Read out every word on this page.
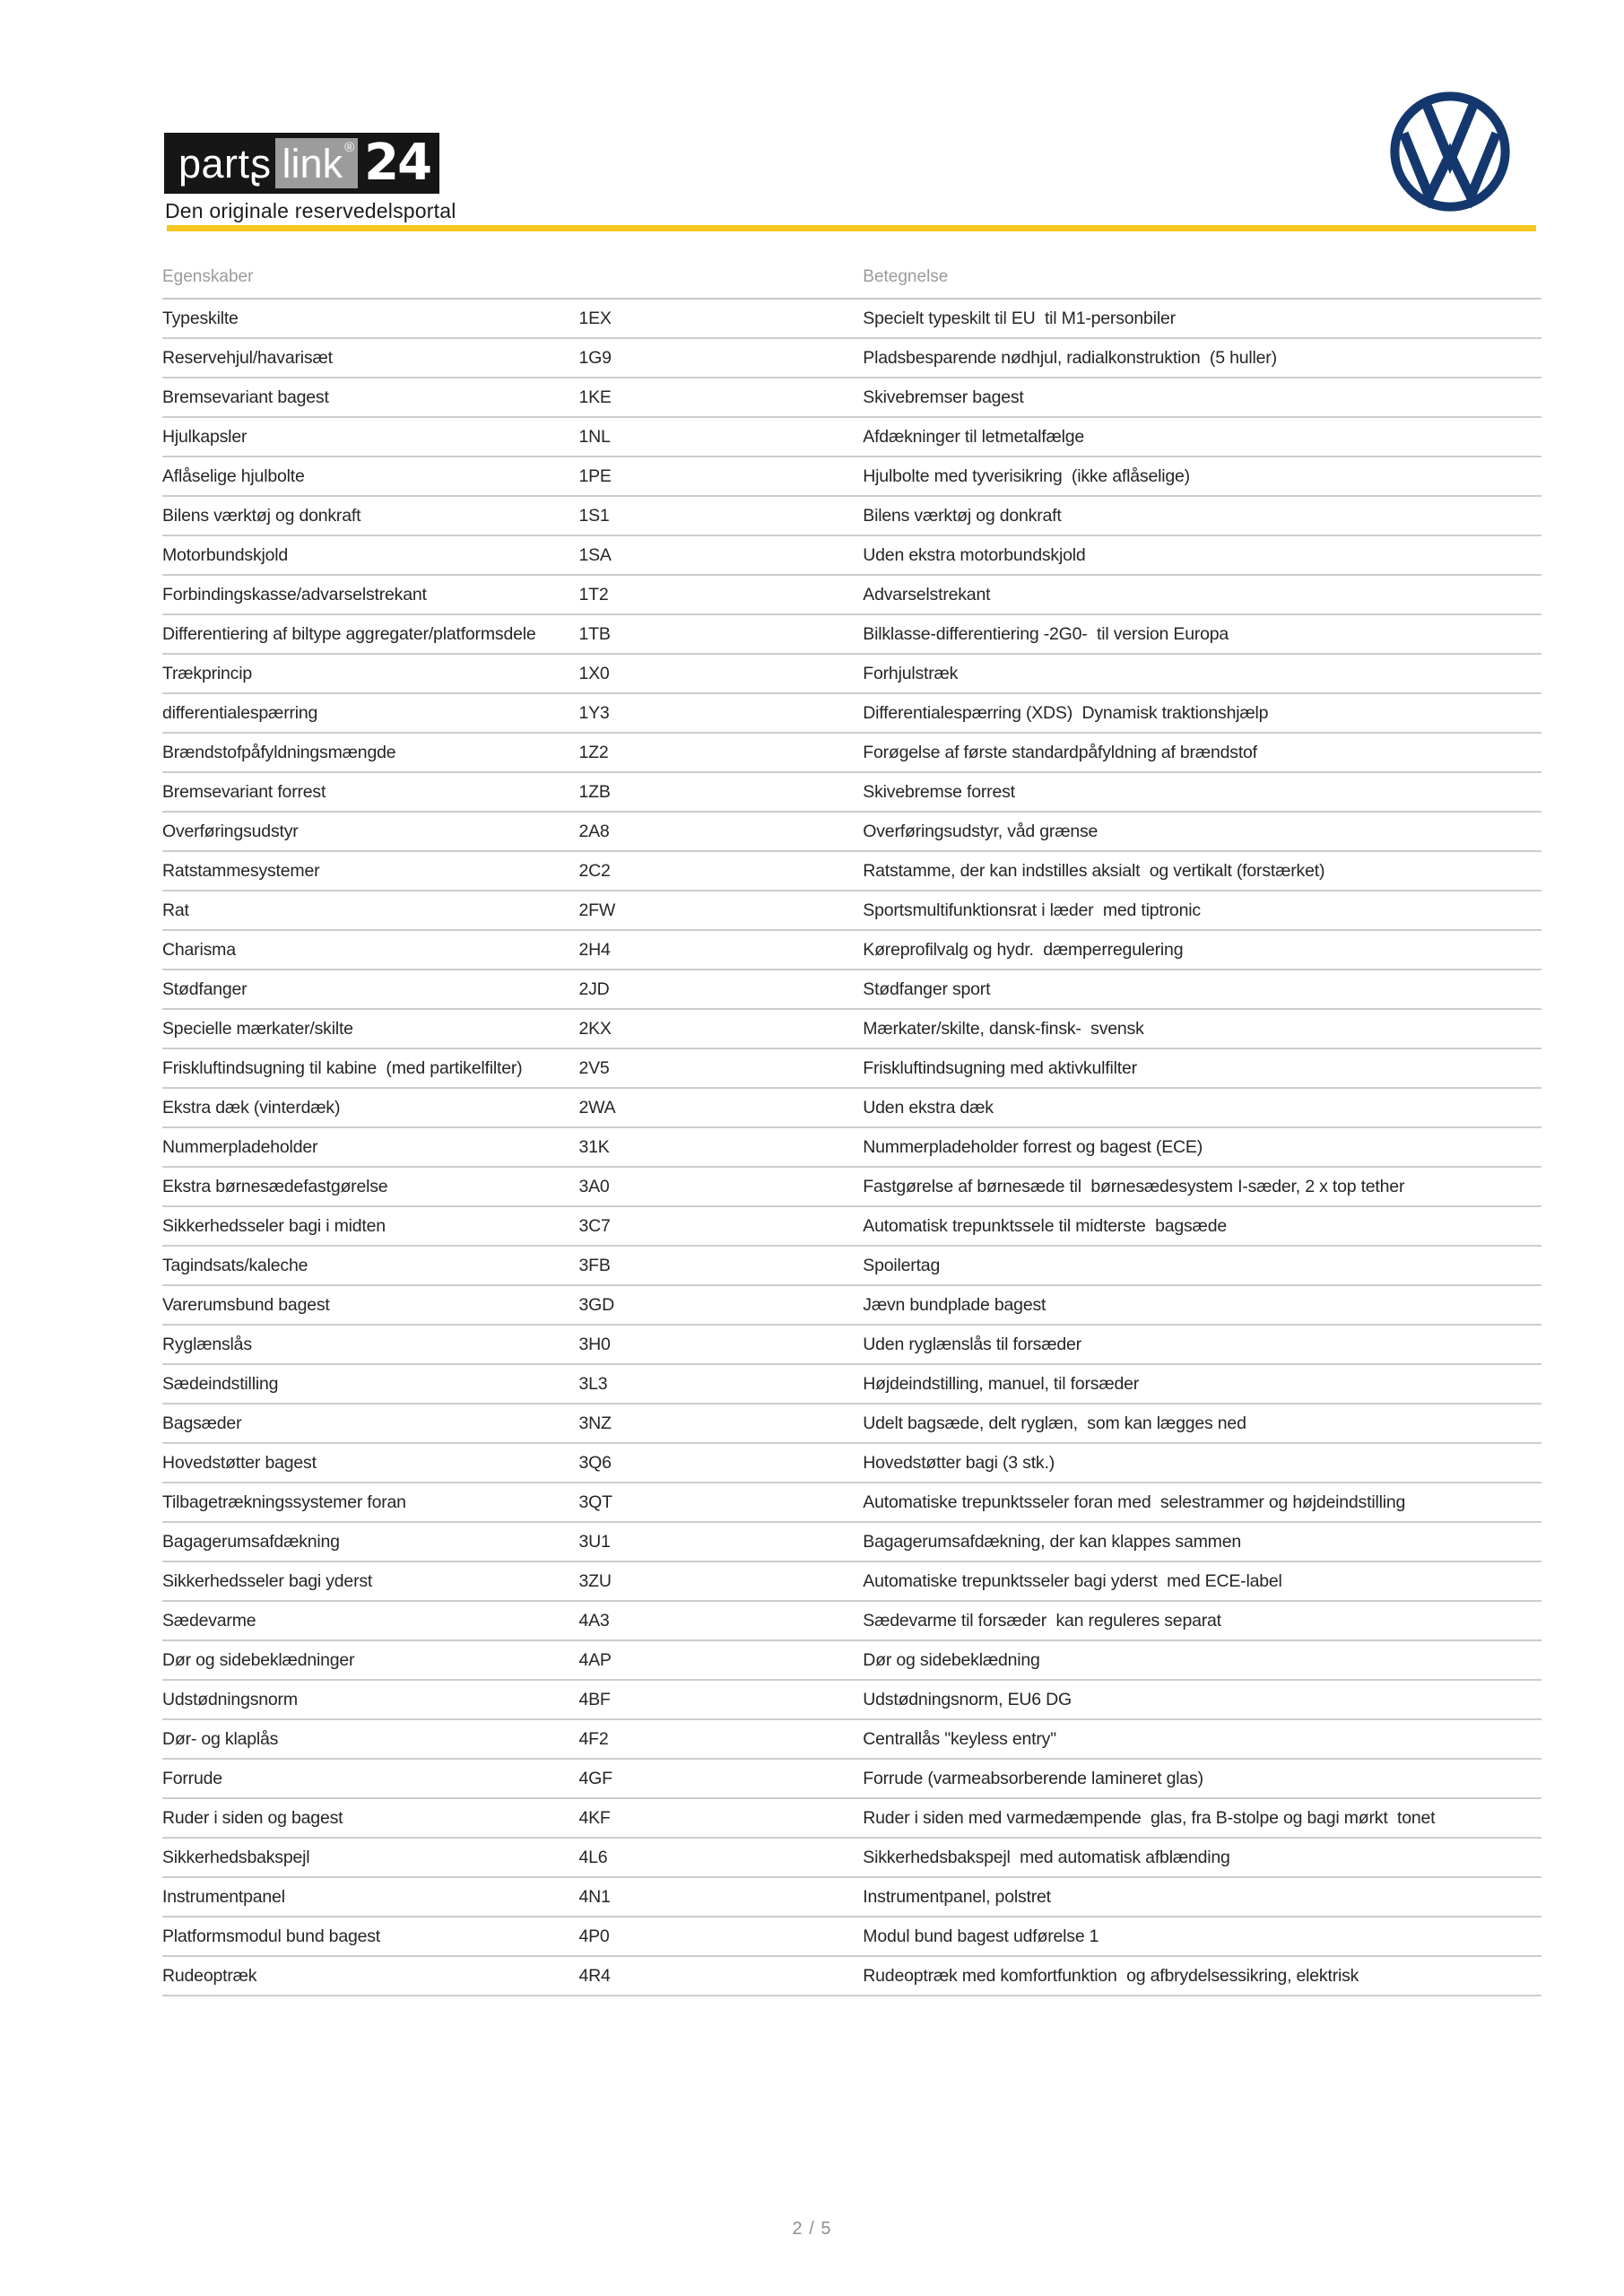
part ʂ link ® 24
Den originale reservedelsportal
Egenskaber		Betegnelse
Typeskilte	1EX	Specielt typeskilt til EU  til M1-personbiler
Reservehjul/havarisæt	1G9	Pladsbesparende nødhjul, radialkonstruktion  (5 huller)
Bremsevariant bagest	1KE	Skivebremser bagest
Hjulkapsler	1NL	Afdækninger til letmetalfælge
Aflåselige hjulbolte	1PE	Hjulbolte med tyverisikring  (ikke aflåselige)
Bilens værktøj og donkraft	1S1	Bilens værktøj og donkraft
Motorbundskjold	1SA	Uden ekstra motorbundskjold
Forbindingskasse/advarselstrekant	1T2	Advarselstrekant
Differentiering af biltype aggregater/platformsdele	1TB	Bilklasse-differentiering -2G0-  til version Europa
Trækprincip	1X0	Forhjulstræk
differentialespærring	1Y3	Differentialespærring (XDS)  Dynamisk traktionshjælp
Brændstofpåfyldningsmængde	1Z2	Forøgelse af første standardpåfyldning af brændstof
Bremsevariant forrest	1ZB	Skivebremse forrest
Overføringsudstyr	2A8	Overføringsudstyr, våd grænse
Ratstammesystemer	2C2	Ratstamme, der kan indstilles aksialt  og vertikalt (forstærket)
Rat	2FW	Sportsmultifunktionsrat i læder  med tiptronic
Charisma	2H4	Køreprofilvalg og hydr.  dæmperregulering
Stødfanger	2JD	Stødfanger sport
Specielle mærkater/skilte	2KX	Mærkater/skilte, dansk-finsk-  svensk
Friskluftindsugning til kabine  (med partikelfilter)	2V5	Friskluftindsugning med aktivkulfilter
Ekstra dæk (vinterdæk)	2WA	Uden ekstra dæk
Nummerpladeholder	31K	Nummerpladeholder forrest og bagest (ECE)
Ekstra børnesædefastgørelse	3A0	Fastgørelse af børnesæde til  børnesædesystem I-sæder, 2 x top tether
Sikkerhedsseler bagi i midten	3C7	Automatisk trepunktssele til midterste  bagsæde
Tagindsats/kaleche	3FB	Spoilertag
Varerumsbund bagest	3GD	Jævn bundplade bagest
Ryglænslås	3H0	Uden ryglænslås til forsæder
Sædeindstilling	3L3	Højdeindstilling, manuel, til forsæder
Bagsæder	3NZ	Udelt bagsæde, delt ryglæn,  som kan lægges ned
Hovedstøtter bagest	3Q6	Hovedstøtter bagi (3 stk.)
Tilbagetrækningssystemer foran	3QT	Automatiske trepunktsseler foran med  selestrammer og højdeindstilling
Bagagerumsafdækning	3U1	Bagagerumsafdækning, der kan klappes sammen
Sikkerhedsseler bagi yderst	3ZU	Automatiske trepunktsseler bagi yderst  med ECE-label
Sædevarme	4A3	Sædevarme til forsæder  kan reguleres separat
Dør og sidebeklædninger	4AP	Dør og sidebeklædning
Udstødningsnorm	4BF	Udstødningsnorm, EU6 DG
Dør- og klaplås	4F2	Centrallås "keyless entry"
Forrude	4GF	Forrude (varmeabsorberende lamineret glas)
Ruder i siden og bagest	4KF	Ruder i siden med varmedæmpende  glas, fra B-stolpe og bagi mørkt  tonet
Sikkerhedsbakspejl	4L6	Sikkerhedsbakspejl  med automatisk afblænding
Instrumentpanel	4N1	Instrumentpanel, polstret
Platformsmodul bund bagest	4P0	Modul bund bagest udførelse 1
Rudeoptræk	4R4	Rudeoptræk med komfortfunktion  og afbrydelsessikring, elektrisk
2 / 5
